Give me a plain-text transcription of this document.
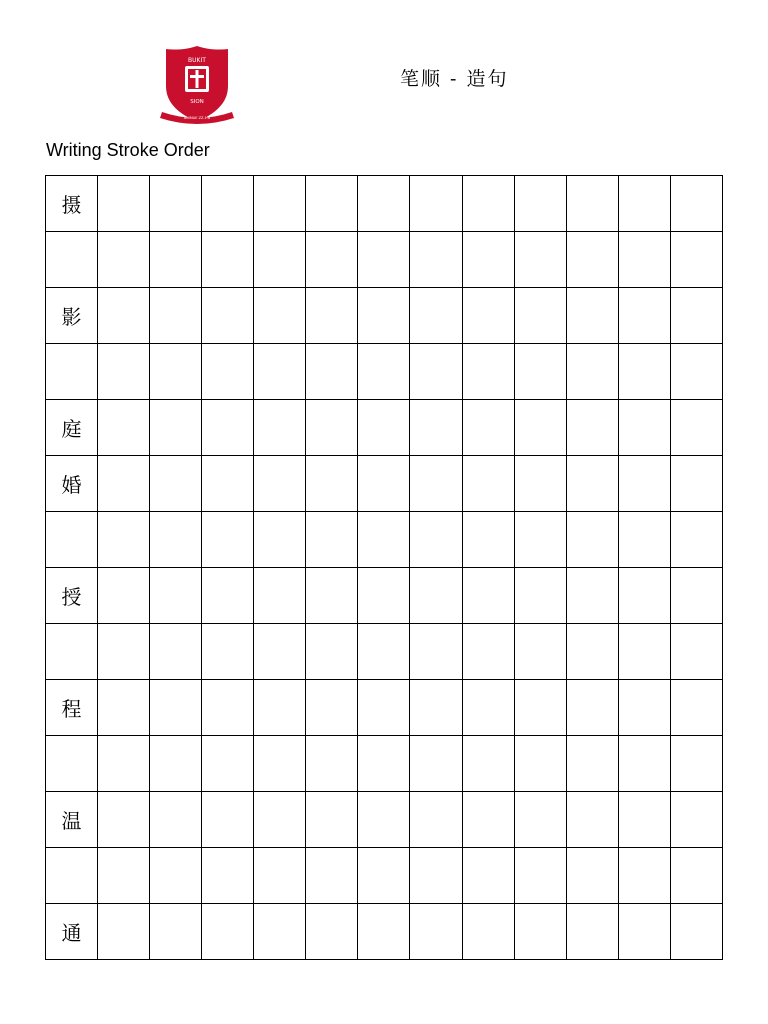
BUKIT
SION
ANIMAE ZZ-1:8
笔顺 - 造句
Writing Stroke Order
摄												

影												

庭												
婚												

授												

程												

温												

通												
